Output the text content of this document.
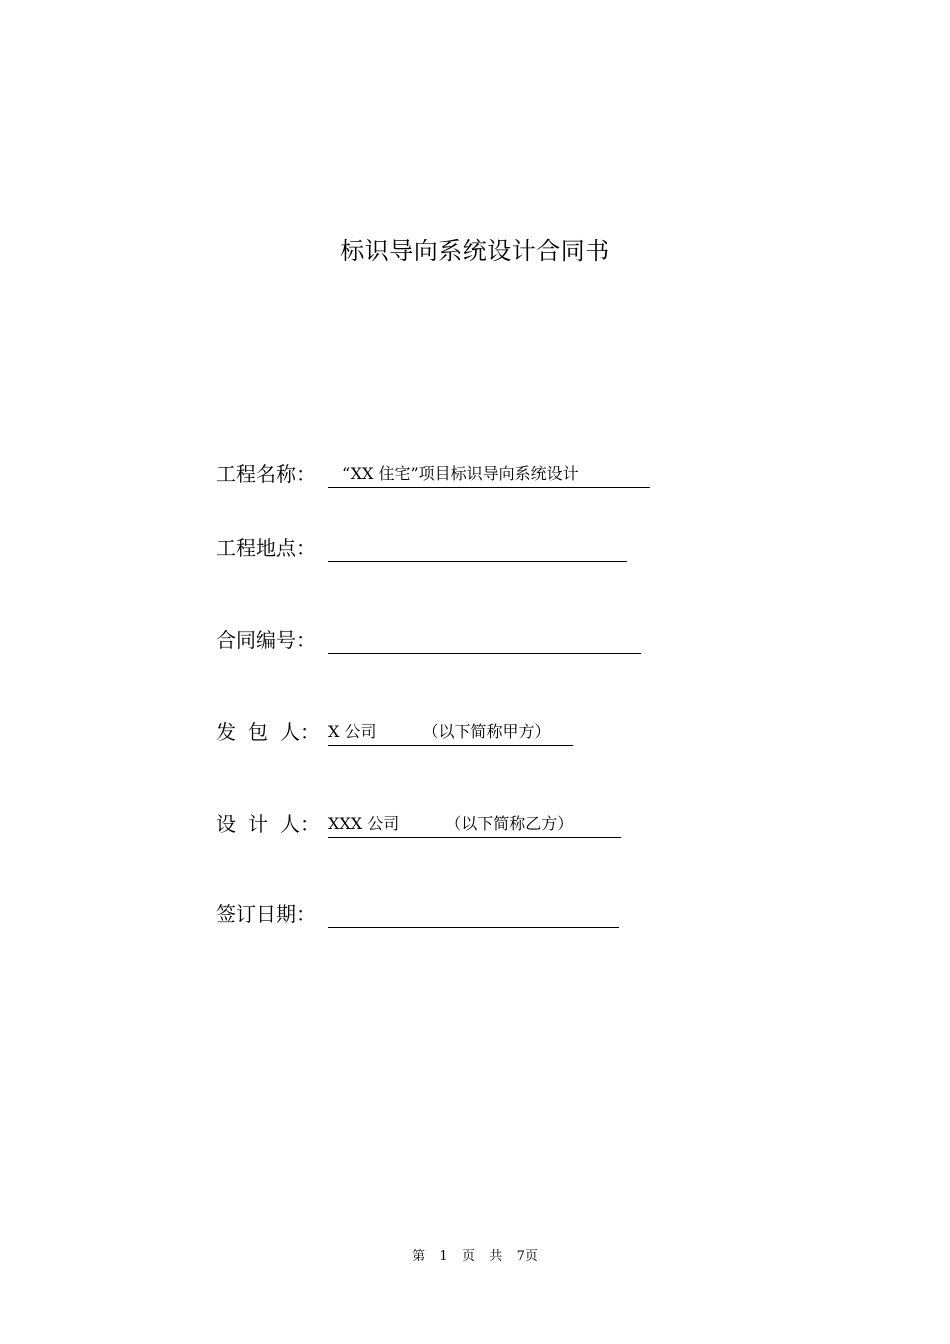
标识导向系统设计合同书
工程名称：	“XX 住宅”项目标识导向系统设计
工程地点：
合同编号：
发包人： X 公司	（以下简称甲方）
设计人： XXX 公司	（以下简称乙方）
签订日期：
第 1 页 共 7页
